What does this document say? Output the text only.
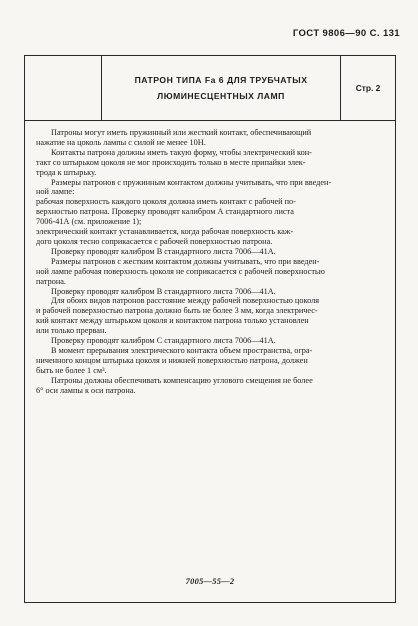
ГОСТ 9806—90 С. 131
ПАТРОН ТИПА Fa 6 ДЛЯ ТРУБЧАТЫХ
ЛЮМИНЕСЦЕНТНЫХ ЛАМП
Стр. 2

Патроны могут иметь пружинный или жесткий контакт, обеспечивающий

нажатие на цоколь лампы с силой не менее 10Н.

Контакты патрона должны иметь такую форму, чтобы электрический кон-

такт со штырьком цоколя не мог происходить только в месте припайки элек-

трода к штырьку.

Размеры патронов с пружинным контактом должны учитывать, что при введен-

ной лампе:

рабочая поверхность каждого цоколя должна иметь контакт с рабочей по-

верхностью патрона. Проверку проводят калибром А стандартного листа

7006-41А (см. приложение 1);

электрический контакт устанавливается, когда рабочая поверхность каж-

дого цоколя тесно соприкасается с рабочей поверхностью патрона.

Проверку проводят калибром В стандартного листа 7006—41А.

Размеры патронов с жестким контактом должны учитывать, что при введен-

ной лампе рабочая поверхность цоколя не соприкасается с рабочей поверхностью

патрона.

Проверку проводят калибром В стандартного листа 7006—41А.

Для обоих видов патронов расстояние между рабочей поверхностью цоколя

и рабочей поверхностью патрона должно быть не более 3 мм, когда электричес-

кий контакт между штырьком цоколя и контактом патрона только установлен

или только прерван.

Проверку проводят калибром С стандартного листа 7006—41А.

В момент прерывания электрического контакта объем пространства, огра-

ниченного концом штырька цоколя и нижней поверхностью патрона, должен

быть не более 1 см³.

Патроны должны обеспечивать компенсацию углового смещения не более

6° оси лампы к оси патрона.

7005—55—2
